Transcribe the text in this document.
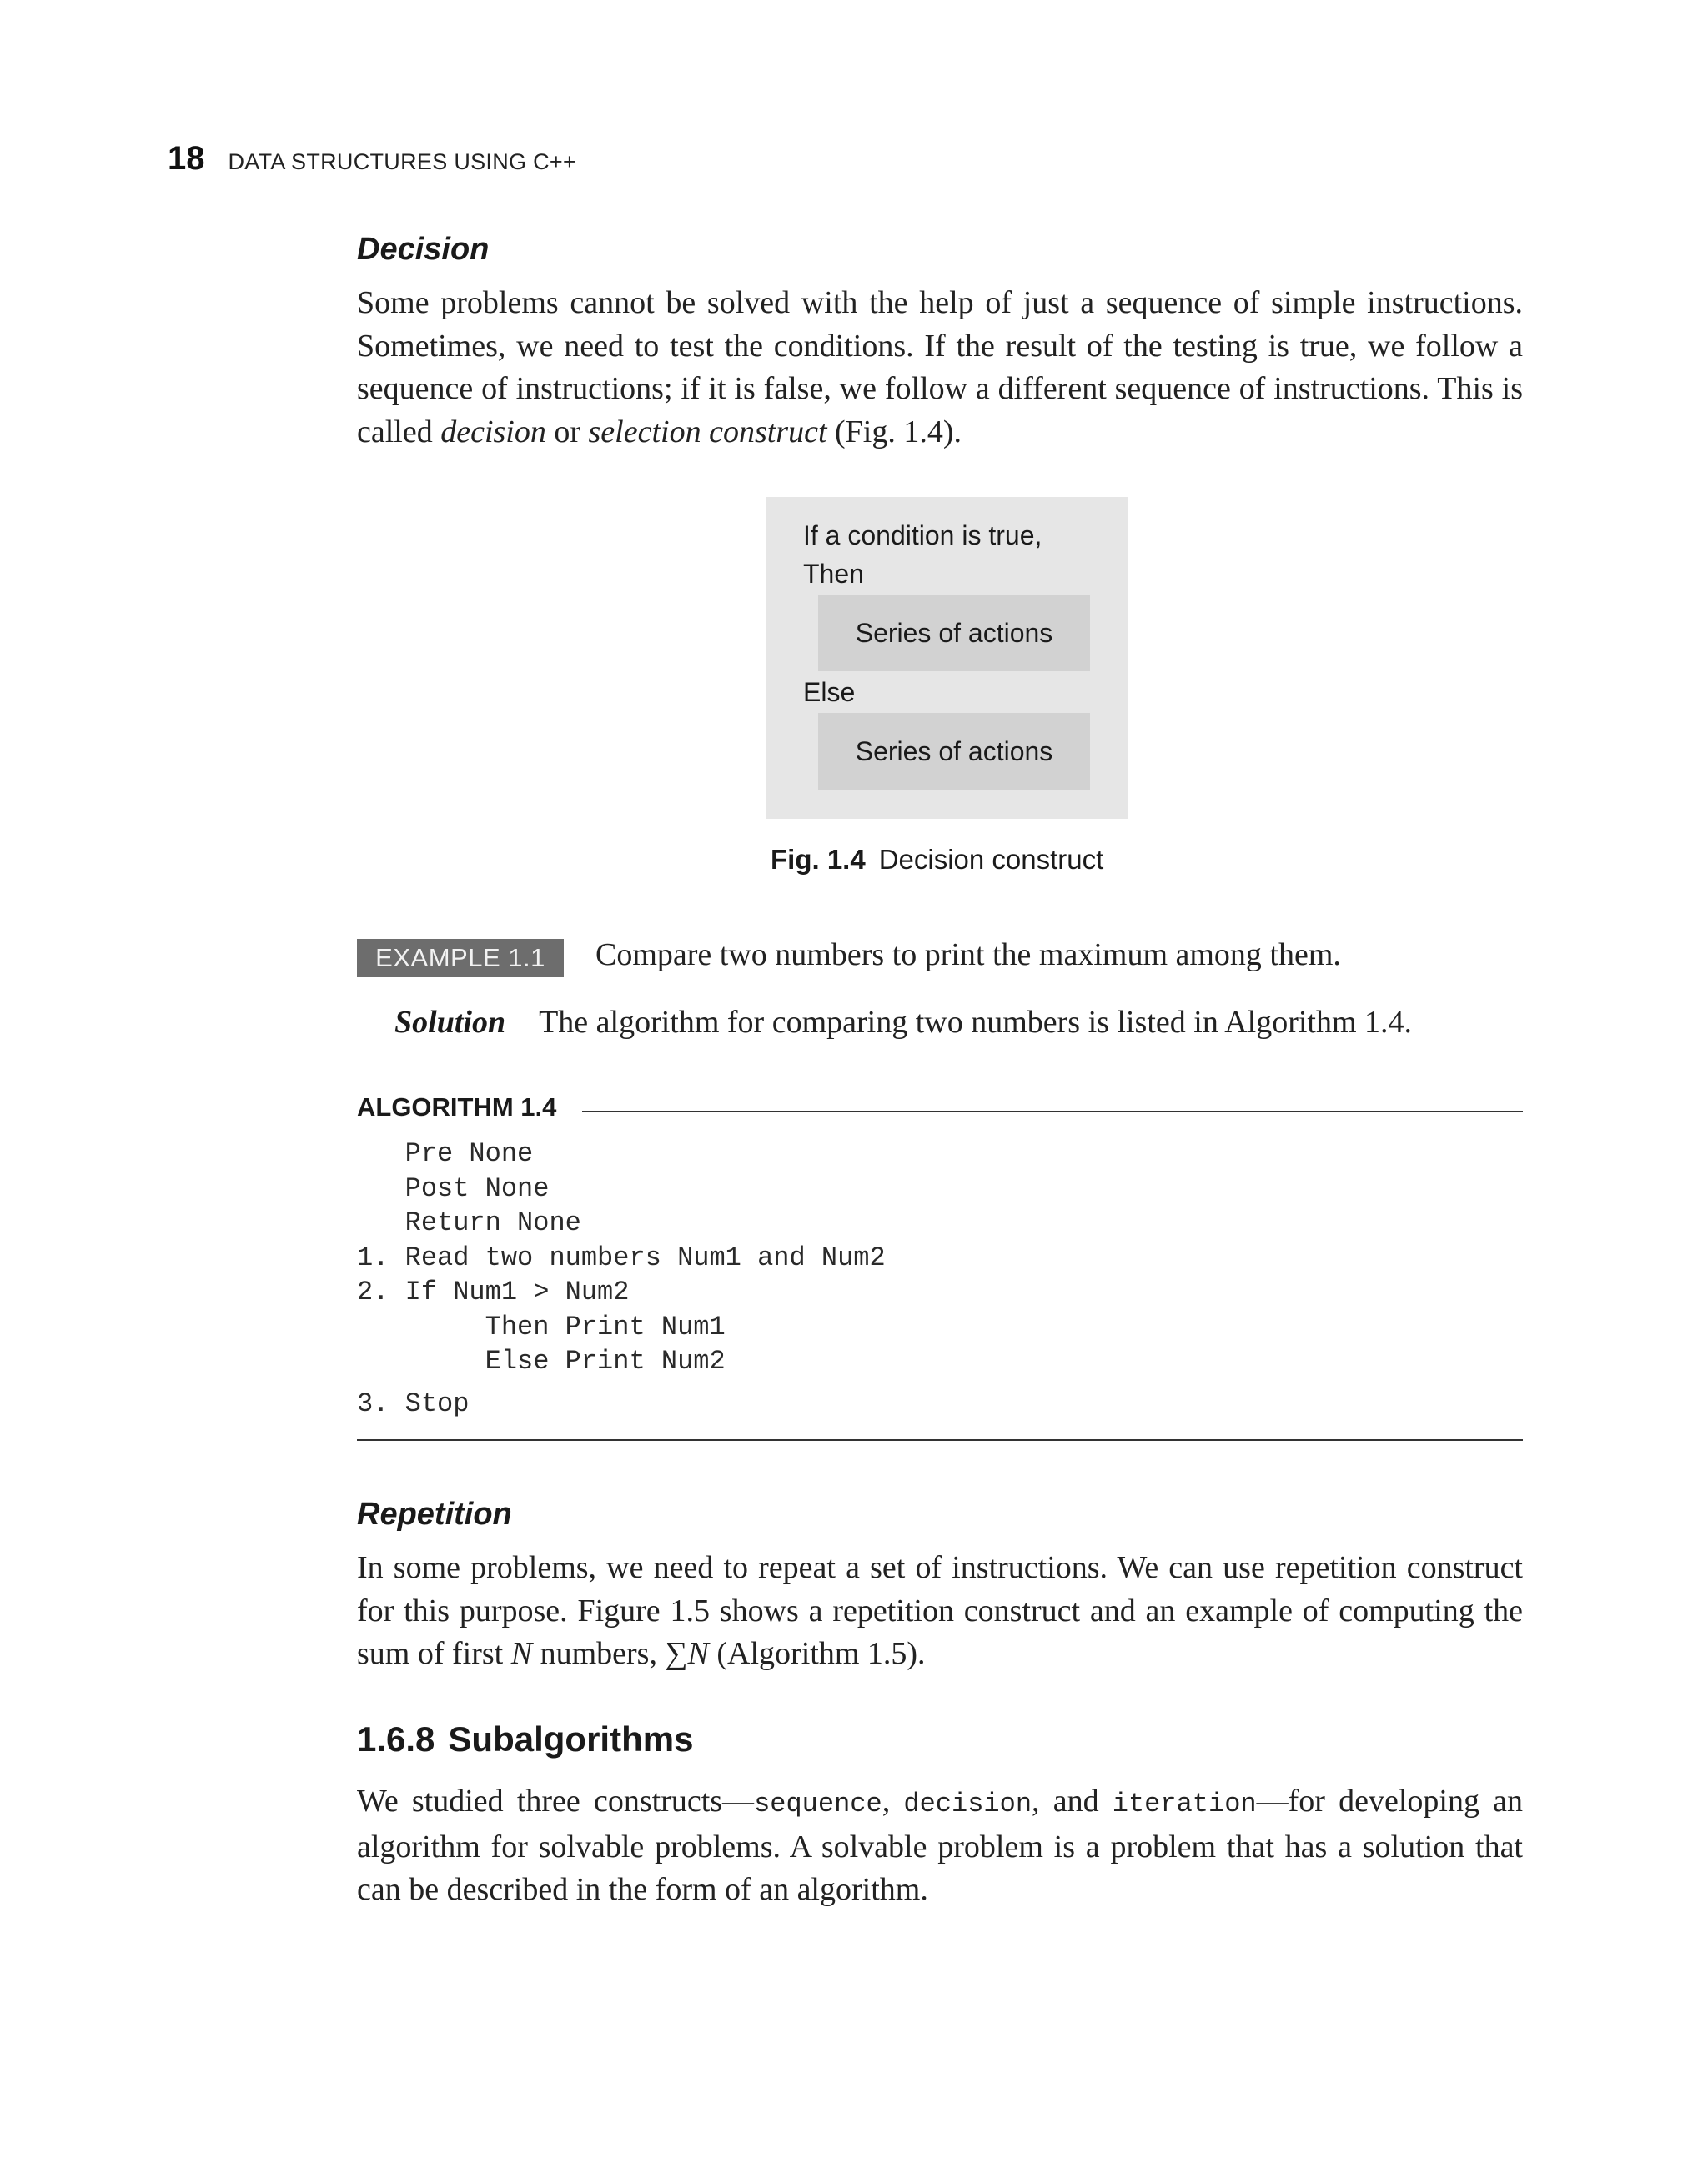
18 DATA STRUCTURES USING C++
Decision

Some problems cannot be solved with the help of just a sequence of simple instructions. Sometimes, we need to test the conditions. If the result of the testing is true, we follow a sequence of instructions; if it is false, we follow a different sequence of instructions. This is called decision or selection construct (Fig. 1.4).

If a condition is true,
Then
Series of actions
Else
Series of actions
Fig. 1.4 Decision construct
EXAMPLE 1.1	Compare two numbers to print the maximum among them.
Solution The algorithm for comparing two numbers is listed in Algorithm 1.4.
ALGORITHM 1.4
Pre None
Post None
Return None
1. Read two numbers Num1 and Num2
2. If Num1 > Num2
Then Print Num1
Else Print Num2
3. Stop
Repetition

In some problems, we need to repeat a set of instructions. We can use repetition construct for this purpose. Figure 1.5 shows a repetition construct and an example of computing the sum of first N numbers, ∑N (Algorithm 1.5).

1.6.8 Subalgorithms

We studied three constructs—sequence, decision, and iteration—for developing an algorithm for solvable problems. A solvable problem is a problem that has a solution that can be described in the form of an algorithm.
